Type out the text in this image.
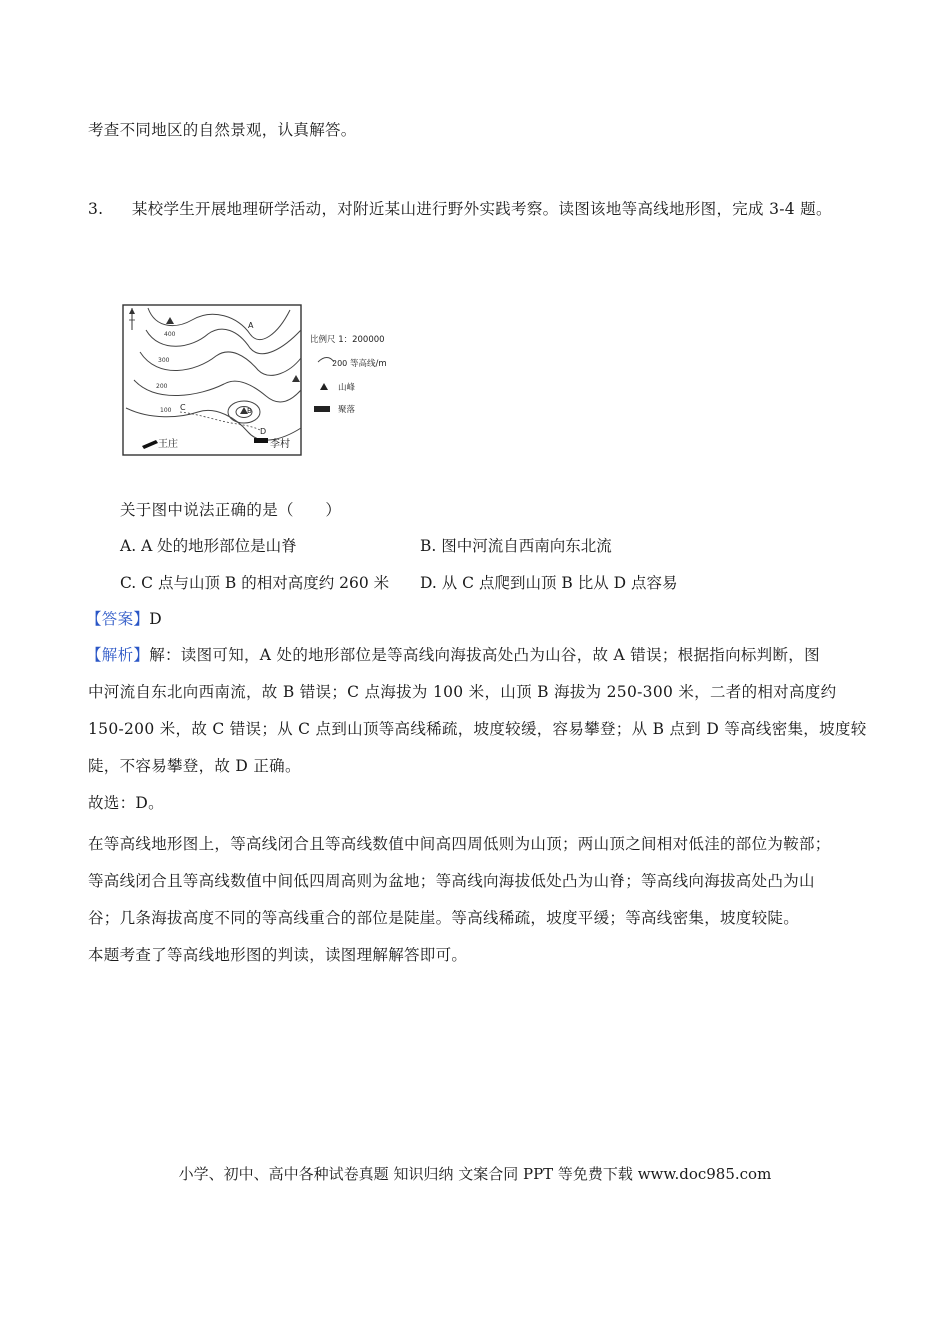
考查不同地区的自然景观，认真解答。
3. 某校学生开展地理研学活动，对附近某山进行野外实践考察。读图该地等高线地形图，完成 3-4 题。
A
B
C
D
400
300
200
100
王庄	李村
比例尺 1：200000
200 等高线/m
山峰
聚落
关于图中说法正确的是（　　）
A. A 处的地形部位是山脊	B. 图中河流自西南向东北流
C. C 点与山顶 B 的相对高度约 260 米 D. 从 C 点爬到山顶 B 比从 D 点容易
【答案】D
【解析】解：读图可知，A 处的地形部位是等高线向海拔高处凸为山谷，故 A 错误；根据指向标判断，图
中河流自东北向西南流，故 B 错误；C 点海拔为 100 米，山顶 B 海拔为 250-300 米，二者的相对高度约
150-200 米，故 C 错误；从 C 点到山顶等高线稀疏，坡度较缓，容易攀登；从 B 点到 D 等高线密集，坡度较
陡，不容易攀登，故 D 正确。
故选：D。
在等高线地形图上，等高线闭合且等高线数值中间高四周低则为山顶；两山顶之间相对低洼的部位为鞍部；
等高线闭合且等高线数值中间低四周高则为盆地；等高线向海拔低处凸为山脊；等高线向海拔高处凸为山
谷；几条海拔高度不同的等高线重合的部位是陡崖。等高线稀疏，坡度平缓；等高线密集，坡度较陡。
本题考查了等高线地形图的判读，读图理解解答即可。
小学、初中、高中各种试卷真题 知识归纳 文案合同 PPT 等免费下载 www.doc985.com
